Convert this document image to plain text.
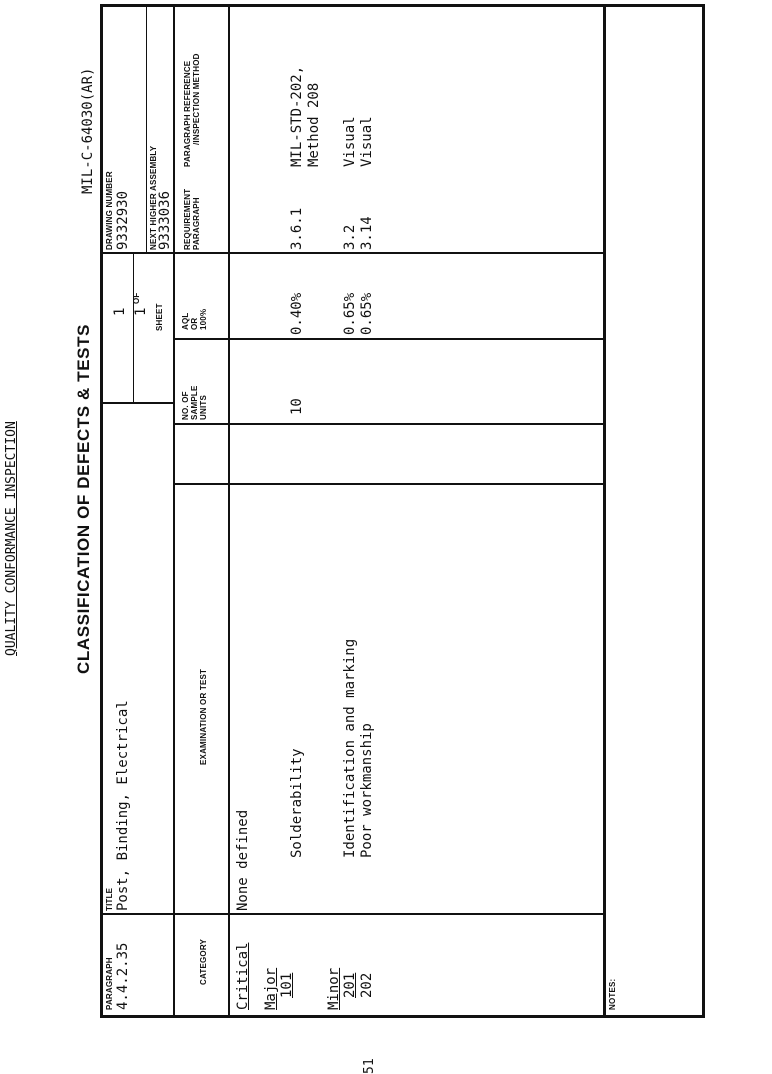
QUALITY CONFORMANCE INSPECTION	CLASSIFICATION OF DEFECTS & TESTS
MIL-C-64030(AR)
51
PARAGRAPH 4.4.2.35
TITLE Post, Binding, Electrical
1 1 SHEET
OF
DRAWING NUMBER 9332930 NEXT HIGHER ASSEMBLY 9333036
CATEGORY
EXAMINATION OR TEST
NO. OF SAMPLE UNITS
AQL OR 100%
REQUIREMENT PARAGRAPH
PARAGRAPH REFERENCE /INSPECTION METHOD
Critical
None defined
Major 101
Solderability
10
0.40%
3.6.1
MIL-STD-202, Method 208
Minor 201
Identification and marking
0.65%
3.2
Visual
202
Poor workmanship
0.65%
3.14
Visual
NOTES:
